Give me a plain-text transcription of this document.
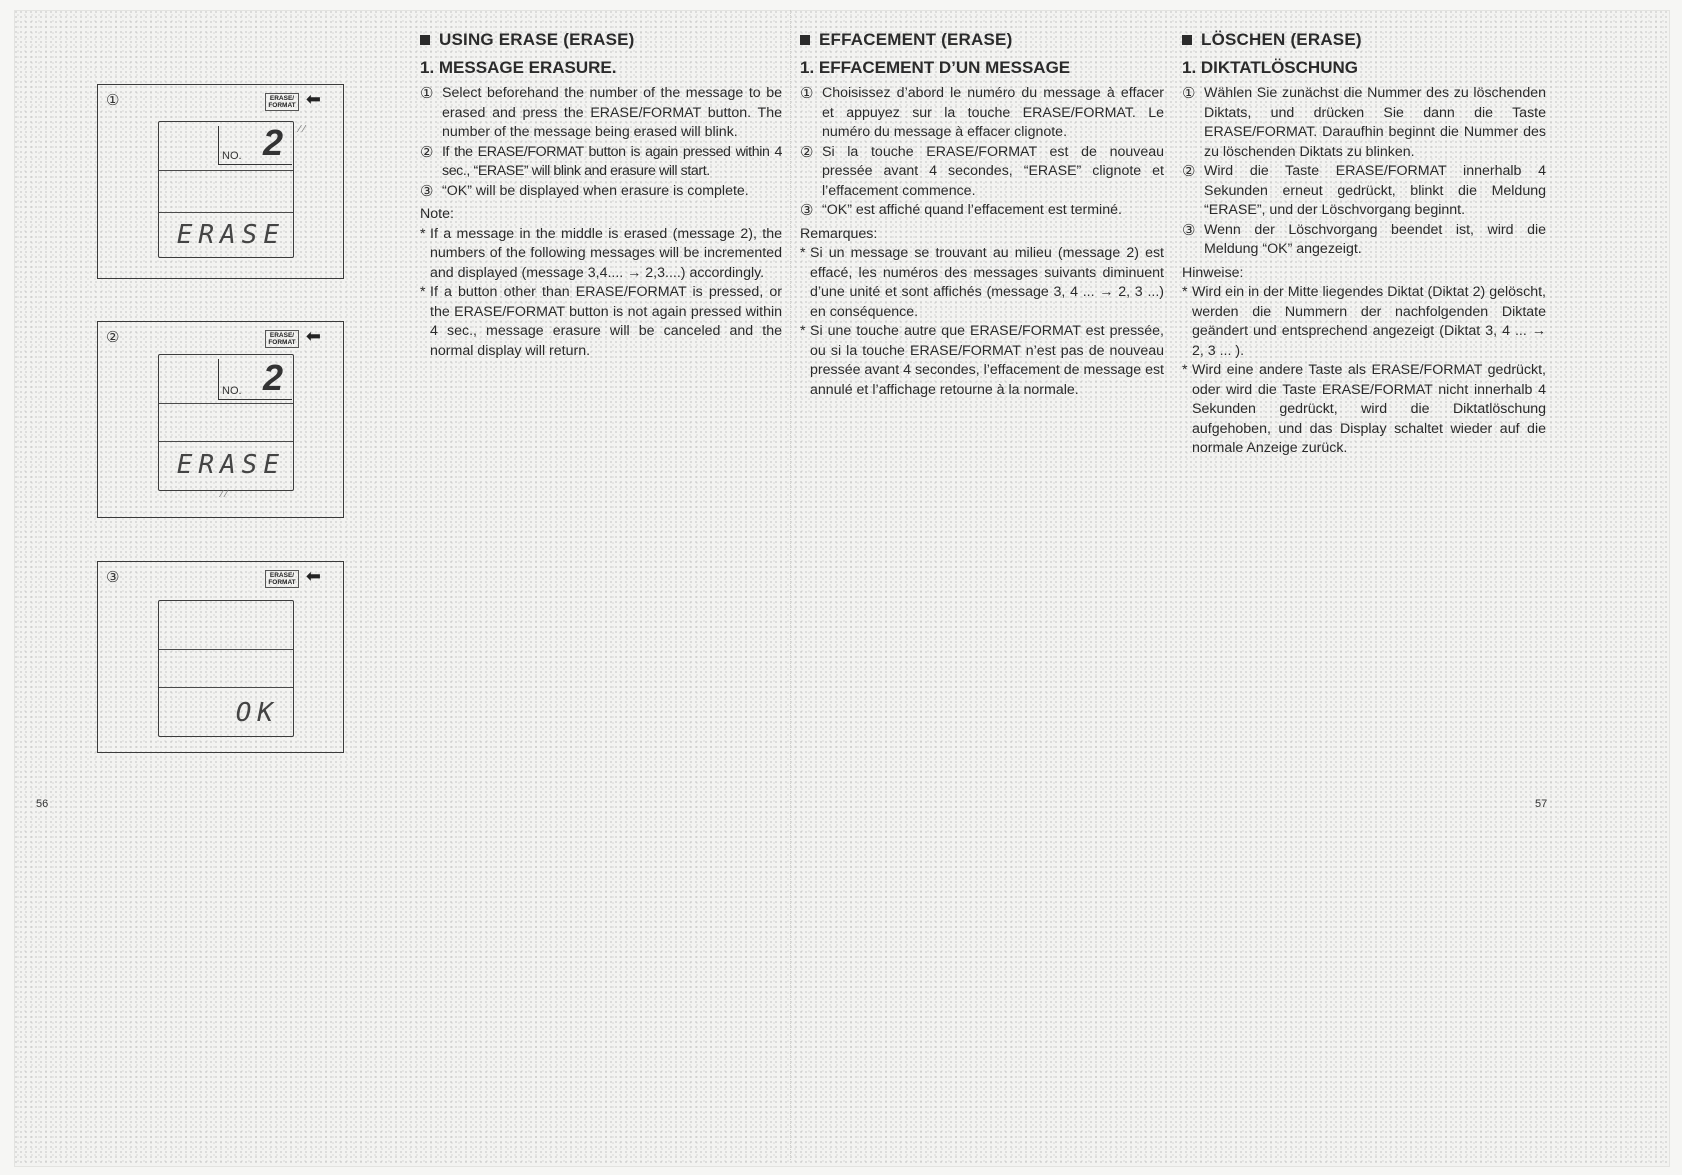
①	ERASE/ FORMAT ⬅
NO. 2 ⁄ ⁄
ERASE
②	ERASE/ FORMAT ⬅
NO. 2
ERASE
⁄ ⁄
③	ERASE/ FORMAT ⬅
OK
USING ERASE (ERASE)
1. MESSAGE ERASURE.

① Select beforehand the number of the message to be erased and press the ERASE/FORMAT button. The number of the message being erased will blink.

② If the ERASE/FORMAT button is again pressed within 4 sec., “ERASE” will blink and erasure will start.

③ “OK” will be displayed when erasure is complete.

Note:

* If a message in the middle is erased (message 2), the numbers of the following messages will be incremented and displayed (message 3,4.... → 2,3....) accordingly.

* If a button other than ERASE/FORMAT is pressed, or the ERASE/FORMAT button is not again pressed within 4 sec., message erasure will be canceled and the normal display will return.

EFFACEMENT (ERASE)
1. EFFACEMENT D’UN MESSAGE

① Choisissez d’abord le numéro du message à effacer et appuyez sur la touche ERASE/FORMAT. Le numéro du message à effacer clignote.

② Si la touche ERASE/FORMAT est de nouveau pressée avant 4 secondes, “ERASE” clignote et l’effacement commence.

③ “OK” est affiché quand l’effacement est terminé.

Remarques:

* Si un message se trouvant au milieu (message 2) est effacé, les numéros des messages suivants diminuent d’une unité et sont affichés (message 3, 4 ... → 2, 3 ...) en conséquence.

* Si une touche autre que ERASE/FORMAT est pressée, ou si la touche ERASE/FORMAT n’est pas de nouveau pressée avant 4 secondes, l’effacement de message est annulé et l’affichage retourne à la normale.

LÖSCHEN (ERASE)
1. DIKTATLÖSCHUNG

① Wählen Sie zunächst die Nummer des zu löschenden Diktats, und drücken Sie dann die Taste ERASE/FORMAT. Daraufhin beginnt die Nummer des zu löschenden Diktats zu blinken.

② Wird die Taste ERASE/FORMAT innerhalb 4 Sekunden erneut gedrückt, blinkt die Meldung “ERASE”, und der Löschvorgang beginnt.

③ Wenn der Löschvorgang beendet ist, wird die Meldung “OK” angezeigt.

Hinweise:

* Wird ein in der Mitte liegendes Diktat (Diktat 2) gelöscht, werden die Nummern der nachfolgenden Diktate geändert und entsprechend angezeigt (Diktat 3, 4 ... → 2, 3 ... ).

* Wird eine andere Taste als ERASE/FORMAT gedrückt, oder wird die Taste ERASE/FORMAT nicht innerhalb 4 Sekunden gedrückt, wird die Diktatlöschung aufgehoben, und das Display schaltet wieder auf die normale Anzeige zurück.

56	57
